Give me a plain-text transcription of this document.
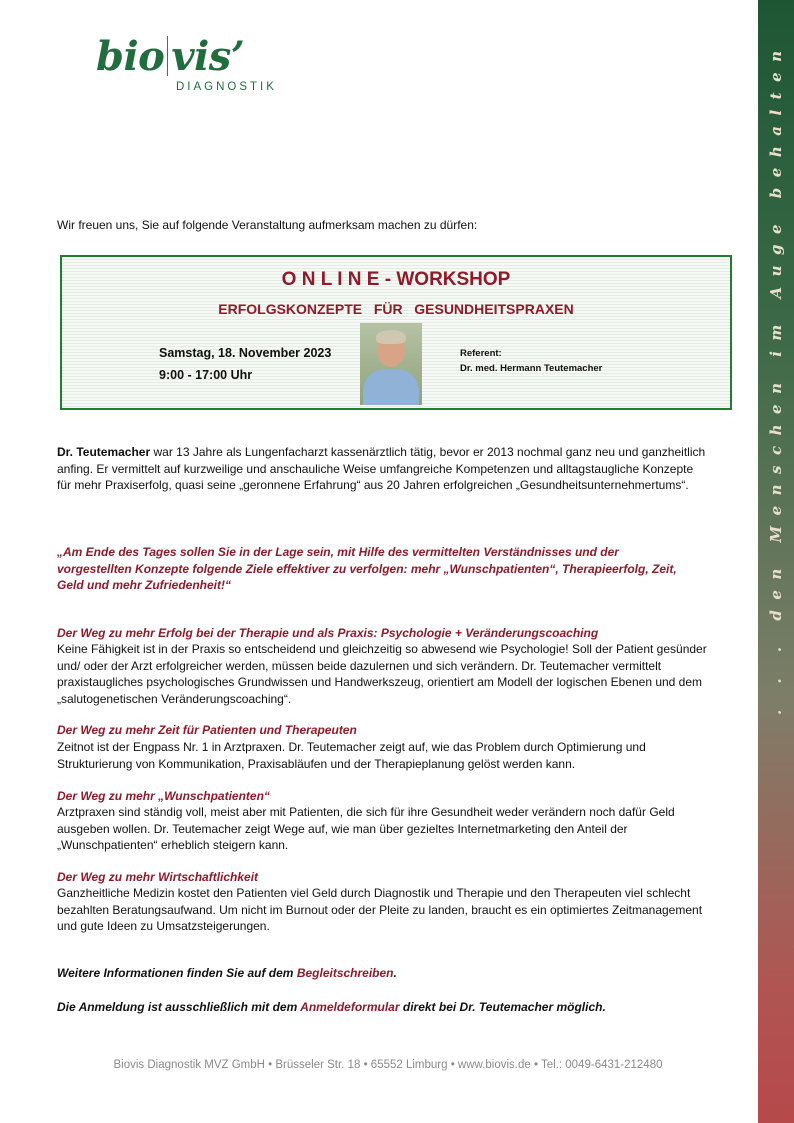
. . . den Menschen im Auge behalten
bio vis’
DIAGNOSTIK
Wir freuen uns, Sie auf folgende Veranstaltung aufmerksam machen zu dürfen:
O N L I N E - WORKSHOP
ERFOLGSKONZEPTE   FÜR   GESUNDHEITSPRAXEN
Samstag, 18. November 2023
9:00 - 17:00 Uhr
Referent:
Dr. med. Hermann Teutemacher
Dr. Teutemacher war 13 Jahre als Lungenfacharzt kassenärztlich tätig, bevor er 2013 nochmal ganz neu und ganzheitlich anfing. Er vermittelt auf kurzweilige und anschauliche Weise umfangreiche Kompetenzen und alltagstaugliche Konzepte für mehr Praxiserfolg, quasi seine „geronnene Erfahrung“ aus 20 Jahren erfolgreichen „Gesundheitsunternehmertums“.
„Am Ende des Tages sollen Sie in der Lage sein, mit Hilfe des vermittelten Verständnisses und der vorgestellten Konzepte folgende Ziele effektiver zu verfolgen: mehr „Wunschpatienten“, Therapieerfolg, Zeit, Geld und mehr Zufriedenheit!“
Der Weg zu mehr Erfolg bei der Therapie und als Praxis: Psychologie + Veränderungscoaching
Keine Fähigkeit ist in der Praxis so entscheidend und gleichzeitig so abwesend wie Psychologie! Soll der Patient gesünder und/ oder der Arzt erfolgreicher werden, müssen beide dazulernen und sich verändern. Dr. Teutemacher vermittelt praxistaugliches psychologisches Grundwissen und Handwerkszeug, orientiert am Modell der logischen Ebenen und dem „salutogenetischen Veränderungscoaching“.
Der Weg zu mehr Zeit für Patienten und Therapeuten
Zeitnot ist der Engpass Nr. 1 in Arztpraxen. Dr. Teutemacher zeigt auf, wie das Problem durch Optimierung und Strukturierung von Kommunikation, Praxisabläufen und der Therapieplanung gelöst werden kann.
Der Weg zu mehr „Wunschpatienten“
Arztpraxen sind ständig voll, meist aber mit Patienten, die sich für ihre Gesundheit weder verändern noch dafür Geld ausgeben wollen. Dr. Teutemacher zeigt Wege auf, wie man über gezieltes Internetmarketing den Anteil der „Wunschpatienten“ erheblich steigern kann.
Der Weg zu mehr Wirtschaftlichkeit
Ganzheitliche Medizin kostet den Patienten viel Geld durch Diagnostik und Therapie und den Therapeuten viel schlecht bezahlten Beratungsaufwand. Um nicht im Burnout oder der Pleite zu landen, braucht es ein optimiertes Zeitmanagement und gute Ideen zu Umsatzsteigerungen.
Weitere Informationen finden Sie auf dem Begleitschreiben.
Die Anmeldung ist ausschließlich mit dem Anmeldeformular direkt bei Dr. Teutemacher möglich.
Biovis Diagnostik MVZ GmbH • Brüsseler Str. 18 • 65552 Limburg • www.biovis.de • Tel.: 0049-6431-212480
